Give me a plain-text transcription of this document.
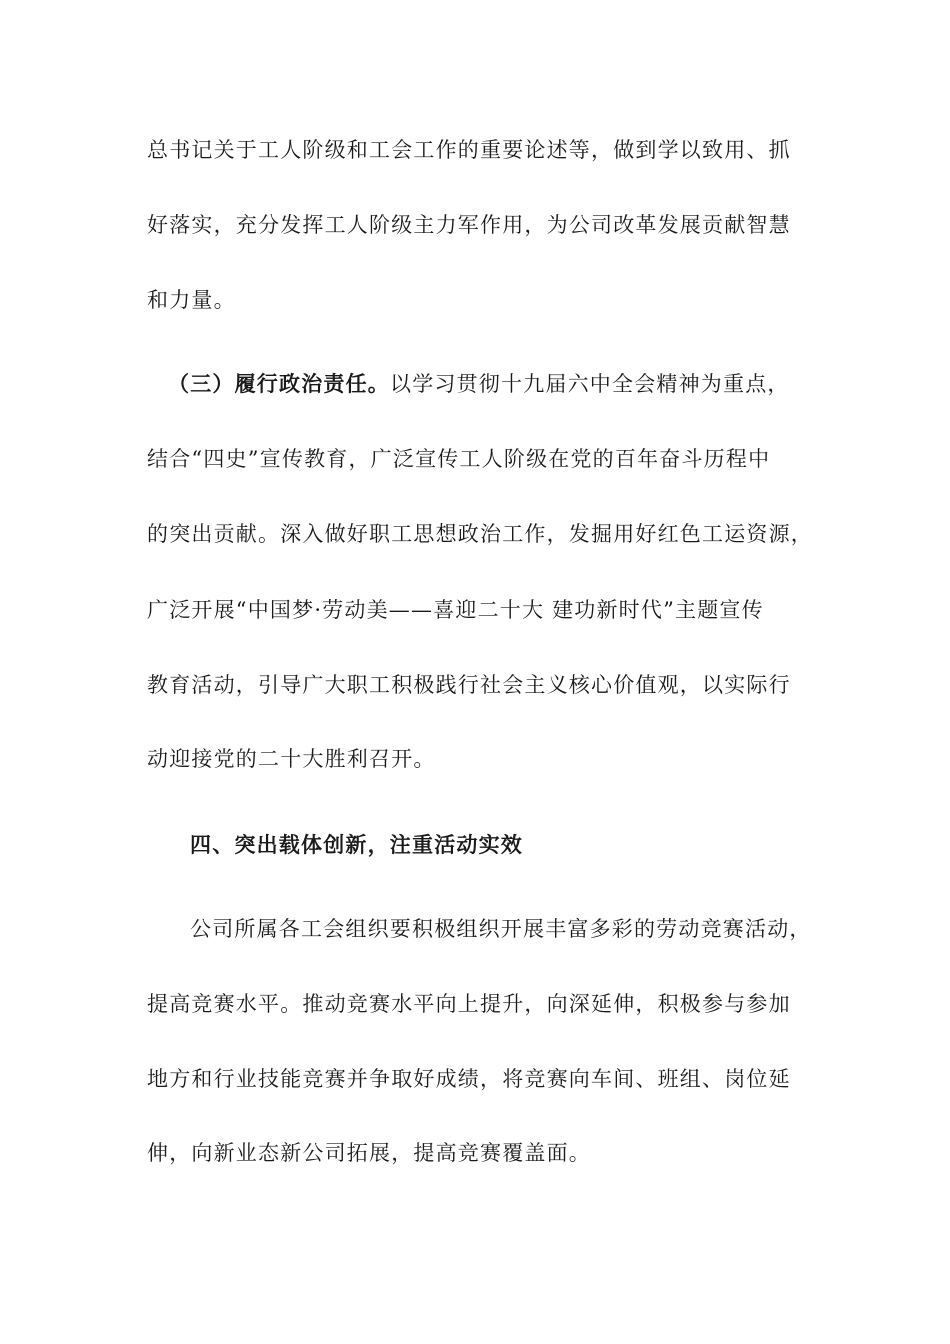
总书记关于工人阶级和工会工作的重要论述等，做到学以致用、抓
好落实，充分发挥工人阶级主力军作用，为公司改革发展贡献智慧
和力量。
（三）履行政治责任。以学习贯彻十九届六中全会精神为重点，
结合“四史”宣传教育，广泛宣传工人阶级在党的百年奋斗历程中
的突出贡献。深入做好职工思想政治工作，发掘用好红色工运资源，
广泛开展“中国梦·劳动美——喜迎二十大 建功新时代”主题宣传
教育活动，引导广大职工积极践行社会主义核心价值观，以实际行
动迎接党的二十大胜利召开。
四、突出载体创新，注重活动实效
公司所属各工会组织要积极组织开展丰富多彩的劳动竞赛活动，
提高竞赛水平。推动竞赛水平向上提升，向深延伸，积极参与参加
地方和行业技能竞赛并争取好成绩，将竞赛向车间、班组、岗位延
伸，向新业态新公司拓展，提高竞赛覆盖面。
